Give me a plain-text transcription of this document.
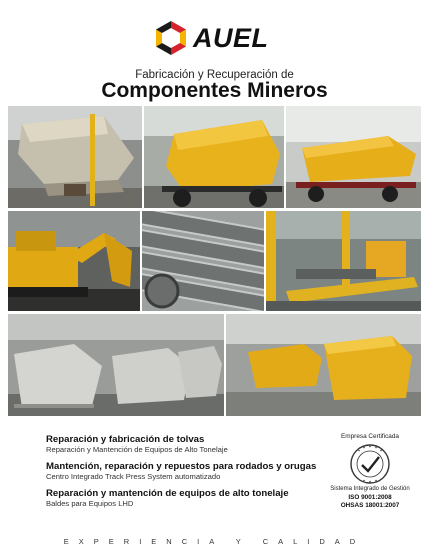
AUEL
Fabricación y Recuperación de
Componentes Mineros
Reparación y fabricación de tolvas
Reparación y Mantención de Equipos de Alto Tonelaje
Mantención, reparación y repuestos para rodados y orugas
Centro Integrado Track Press System automatizado
Reparación y mantención de equipos de alto tonelaje
Baldes para Equipos LHD
Empresa Certificada
Sistema Integrado de Gestión
ISO 9001:2008
OHSAS 18001:2007
EXPERIENCIA Y CALIDAD
